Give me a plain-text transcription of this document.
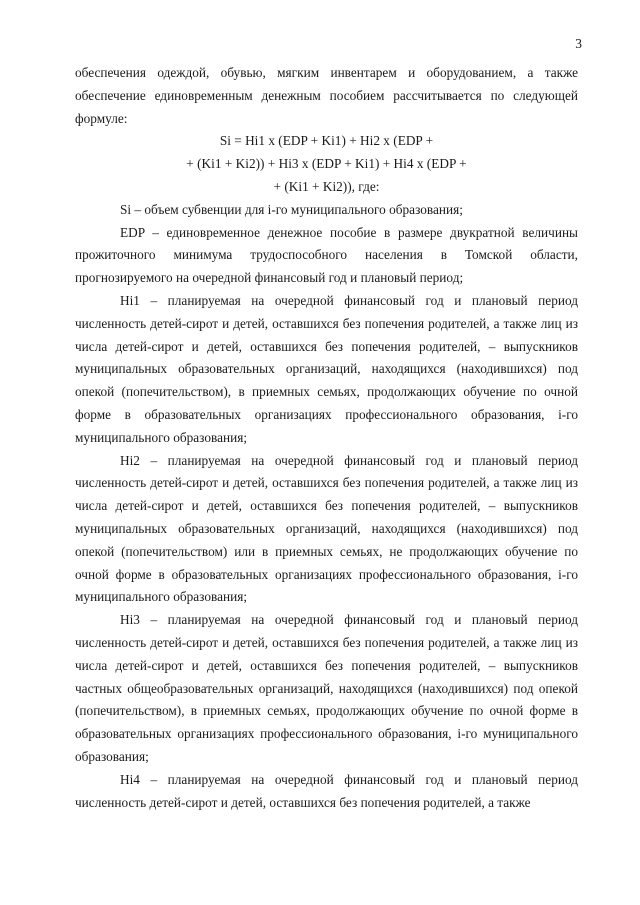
3

обеспечения одеждой, обувью, мягким инвентарем и оборудованием, а также обеспечение единовременным денежным пособием рассчитывается по следующей формуле:

Si = Hi1 x (EDP + Ki1) + Hi2 x (EDP +
+ (Ki1 + Ki2)) + Hi3 x (EDP + Ki1) + Hi4 x (EDP +
+ (Ki1 + Ki2)), где:

Si – объем субвенции для i-го муниципального образования;

EDP – единовременное денежное пособие в размере двукратной величины прожиточного минимума трудоспособного населения в Томской области, прогнозируемого на очередной финансовый год и плановый период;

Hi1 – планируемая на очередной финансовый год и плановый период численность детей-сирот и детей, оставшихся без попечения родителей, а также лиц из числа детей-сирот и детей, оставшихся без попечения родителей, – выпускников муниципальных образовательных организаций, находящихся (находившихся) под опекой (попечительством), в приемных семьях, продолжающих обучение по очной форме в образовательных организациях профессионального образования, i-го муниципального образования;

Hi2 – планируемая на очередной финансовый год и плановый период численность детей-сирот и детей, оставшихся без попечения родителей, а также лиц из числа детей-сирот и детей, оставшихся без попечения родителей, – выпускников муниципальных образовательных организаций, находящихся (находившихся) под опекой (попечительством) или в приемных семьях, не продолжающих обучение по очной форме в образовательных организациях профессионального образования, i-го муниципального образования;

Hi3 – планируемая на очередной финансовый год и плановый период численность детей-сирот и детей, оставшихся без попечения родителей, а также лиц из числа детей-сирот и детей, оставшихся без попечения родителей, – выпускников частных общеобразовательных организаций, находящихся (находившихся) под опекой (попечительством), в приемных семьях, продолжающих обучение по очной форме в образовательных организациях профессионального образования, i-го муниципального образования;

Hi4 – планируемая на очередной финансовый год и плановый период численность детей-сирот и детей, оставшихся без попечения родителей, а также
